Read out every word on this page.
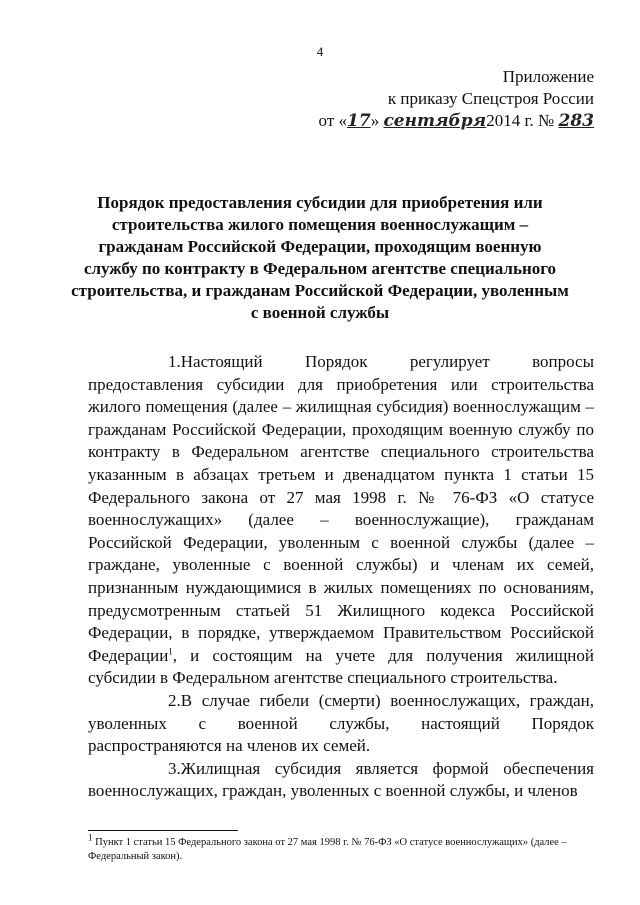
4
Приложение
к приказу Спецстроя России
от «17» сентября2014 г. № 283
Порядок предоставления субсидии для приобретения или строительства жилого помещения военнослужащим – гражданам Российской Федерации, проходящим военную службу по контракту в Федеральном агентстве специального строительства, и гражданам Российской Федерации, уволенным с военной службы

1.Настоящий Порядок регулирует вопросы предоставления субсидии для приобретения или строительства жилого помещения (далее – жилищная субсидия) военнослужащим – гражданам Российской Федерации, проходящим военную службу по контракту в Федеральном агентстве специального строительства указанным в абзацах третьем и двенадцатом пункта 1 статьи 15 Федерального закона от 27 мая 1998 г. № 76-ФЗ «О статусе военнослужащих» (далее – военнослужащие), гражданам Российской Федерации, уволенным с военной службы (далее – граждане, уволенные с военной службы) и членам их семей, признанным нуждающимися в жилых помещениях по основаниям, предусмотренным статьей 51 Жилищного кодекса Российской Федерации, в порядке, утверждаемом Правительством Российской Федерации$^1$, и состоящим на учете для получения жилищной субсидии в Федеральном агентстве специального строительства.

2.В случае гибели (смерти) военнослужащих, граждан, уволенных с военной службы, настоящий Порядок распространяются на членов их семей.

3.Жилищная субсидия является формой обеспечения военнослужащих, граждан, уволенных с военной службы, и членов

$^1$ Пункт 1 статьи 15 Федерального закона от 27 мая 1998 г. № 76-ФЗ «О статусе военнослужащих» (далее – Федеральный закон).
